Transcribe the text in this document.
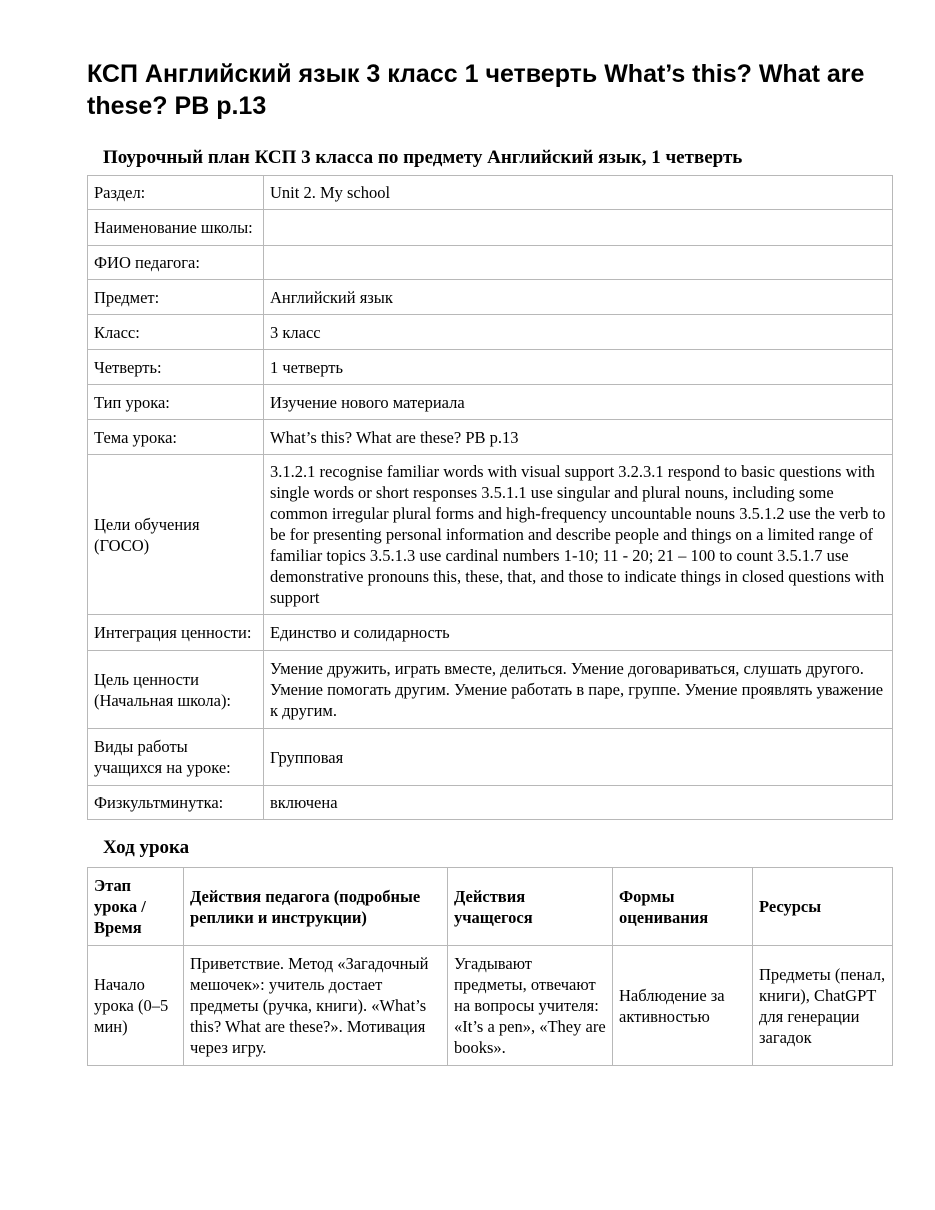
КСП Английский язык 3 класс 1 четверть What’s this? What are these? PB p.13
Поурочный план КСП 3 класса по предмету Английский язык, 1 четверть
Раздел:	Unit 2. My school
Наименование школы:	
ФИО педагога:	
Предмет:	Английский язык
Класс:	3 класс
Четверть:	1 четверть
Тип урока:	Изучение нового материала
Тема урока:	What’s this? What are these? PB p.13
Цели обучения (ГОСО)	3.1.2.1 recognise familiar words with visual support 3.2.3.1 respond to basic questions with single words or short responses 3.5.1.1 use singular and plural nouns, including some common irregular plural forms and high-frequency uncountable nouns 3.5.1.2 use the verb to be for presenting personal information and describe people and things on a limited range of familiar topics 3.5.1.3 use cardinal numbers 1-10; 11 - 20; 21 – 100 to count 3.5.1.7 use demonstrative pronouns this, these, that, and those to indicate things in closed questions with support
Интеграция ценности:	Единство и солидарность
Цель ценности (Начальная школа):	Умение дружить, играть вместе, делиться. Умение договариваться, слушать другого. Умение помогать другим. Умение работать в паре, группе. Умение проявлять уважение к другим.
Виды работы учащихся на уроке:	Групповая
Физкультминутка:	включена
Ход урока
Этап урока / Время	Действия педагога (подробные реплики и инструкции)	Действия учащегося	Формы оценивания	Ресурсы
Начало урока (0–5 мин)	Приветствие. Метод «Загадочный мешочек»: учитель достает предметы (ручка, книги). «What’s this? What are these?». Мотивация через игру.	Угадывают предметы, отвечают на вопросы учителя: «It’s a pen», «They are books».	Наблюдение за активностью	Предметы (пенал, книги), ChatGPT для генерации загадок
